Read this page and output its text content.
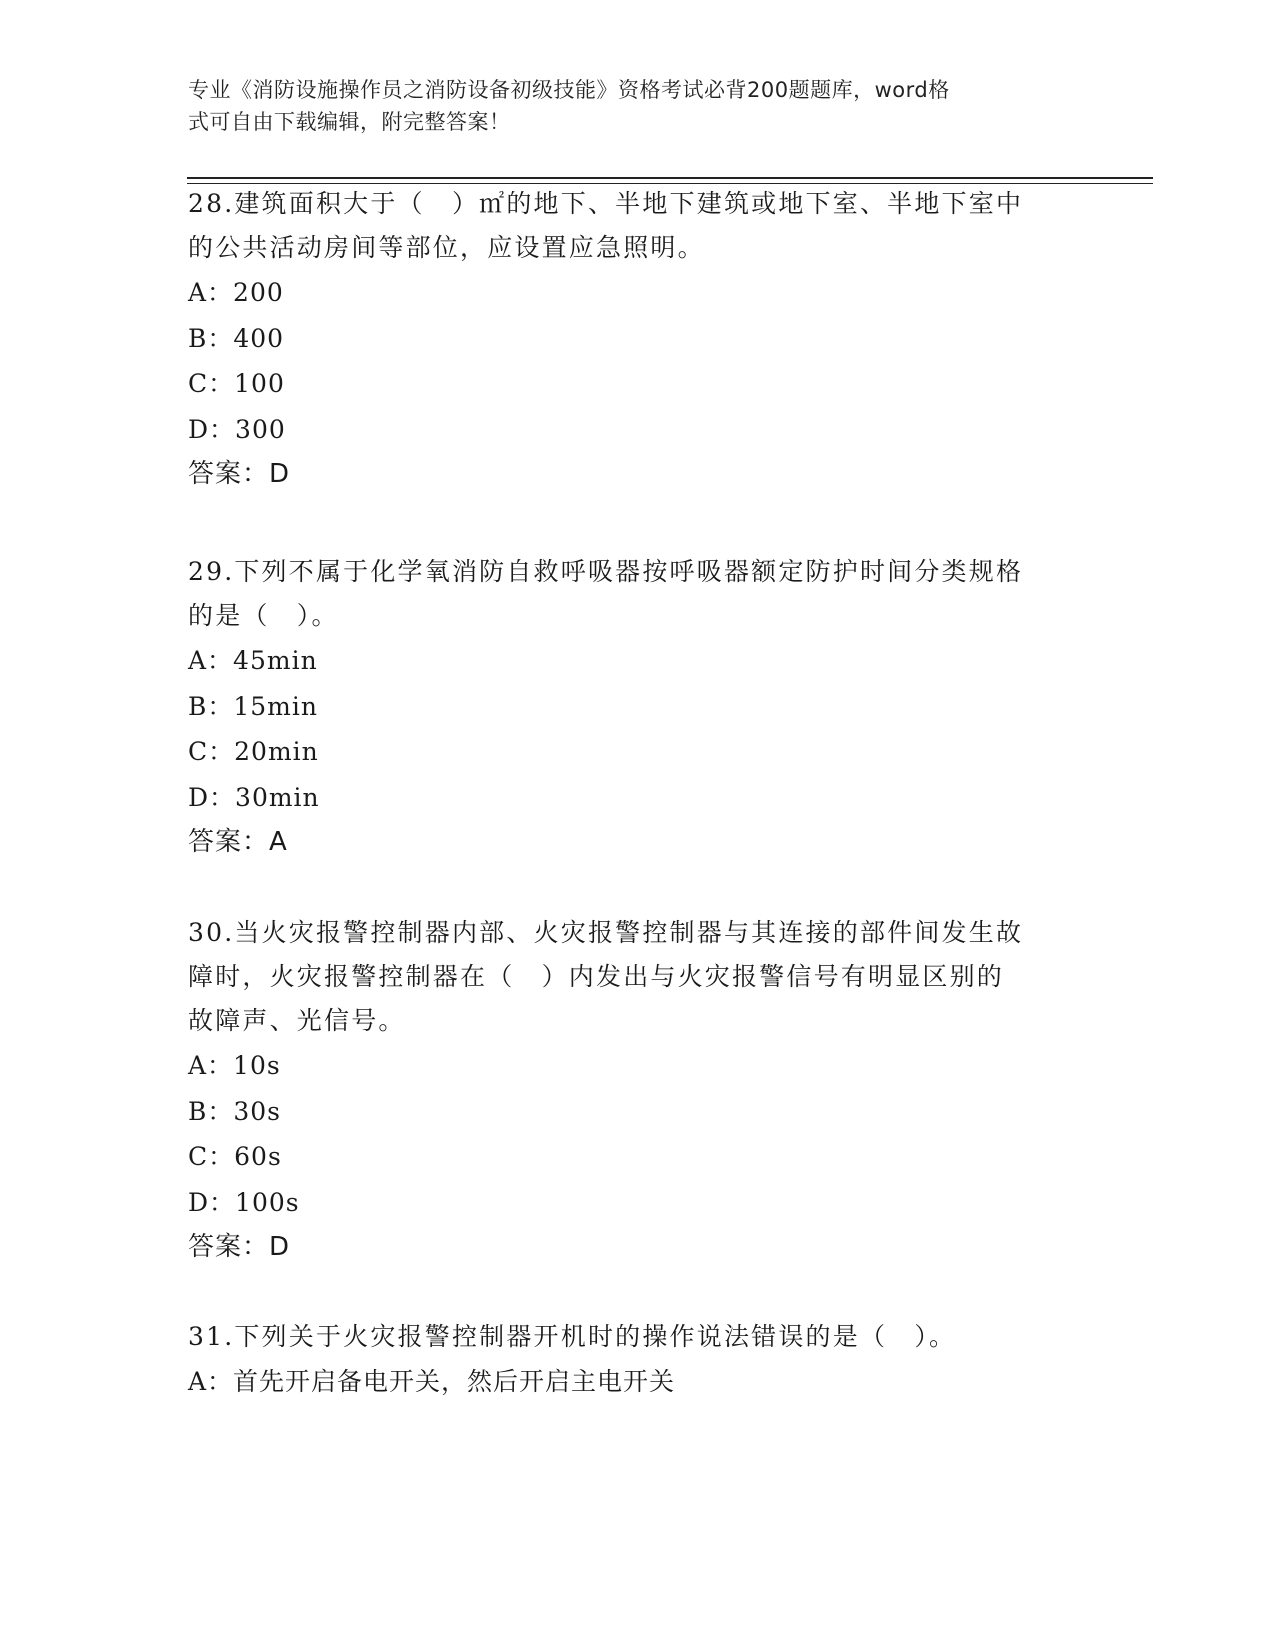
专业《消防设施操作员之消防设备初级技能》资格考试必背200题题库，word格
式可自由下载编辑，附完整答案！

28.建筑面积大于（　）㎡的地下、半地下建筑或地下室、半地下室中

的公共活动房间等部位，应设置应急照明。

A：200

B：400

C：100

D：300

答案：D

29.下列不属于化学氧消防自救呼吸器按呼吸器额定防护时间分类规格

的是（　）。

A：45min

B：15min

C：20min

D：30min

答案：A

30.当火灾报警控制器内部、火灾报警控制器与其连接的部件间发生故

障时，火灾报警控制器在（　）内发出与火灾报警信号有明显区别的

故障声、光信号。

A：10s

B：30s

C：60s

D：100s

答案：D

31.下列关于火灾报警控制器开机时的操作说法错误的是（　）。

A：首先开启备电开关，然后开启主电开关
